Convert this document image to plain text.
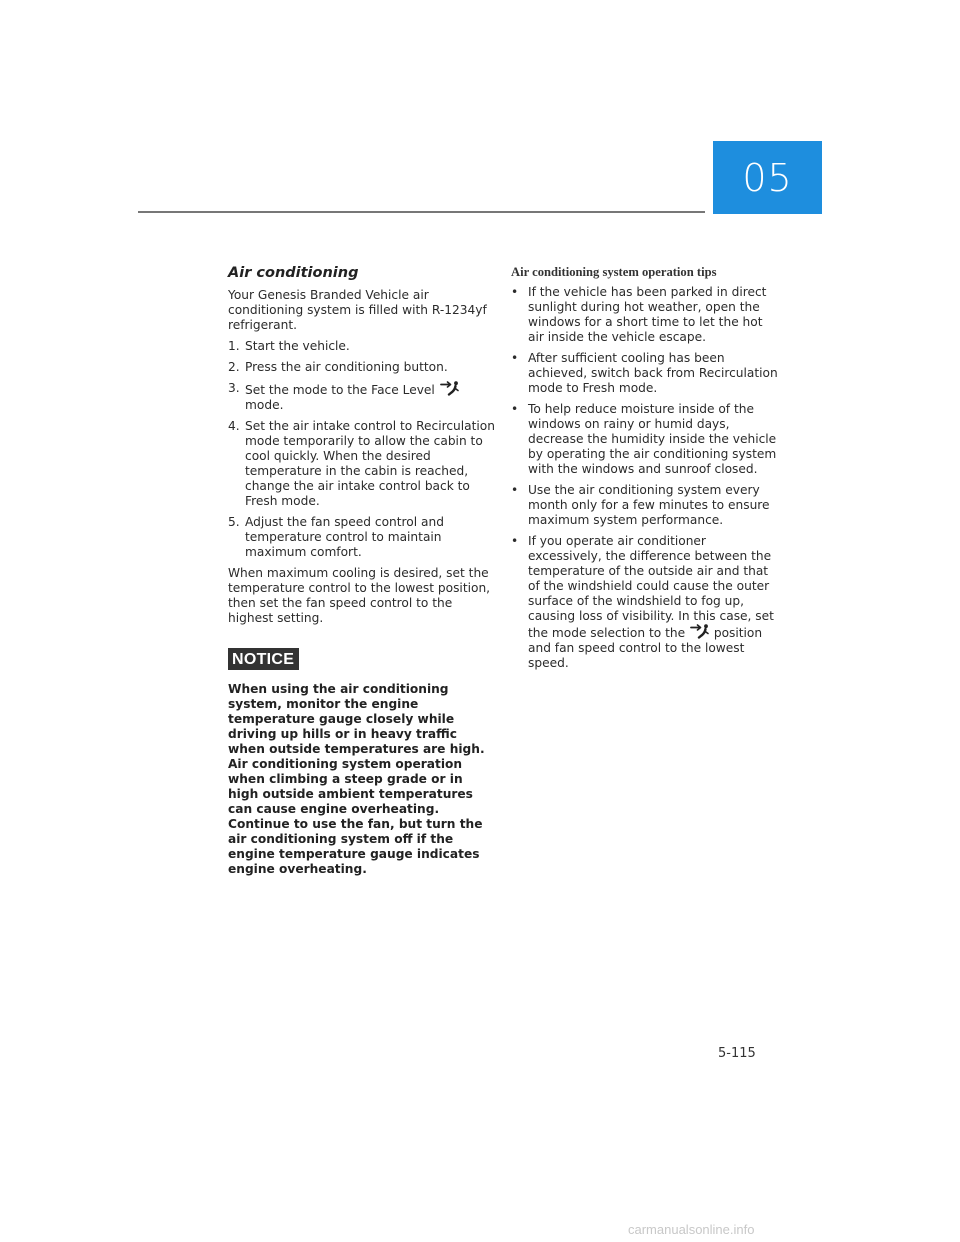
05
Air conditioning

Your Genesis Branded Vehicle air conditioning system is filled with R-1234yf refrigerant.

1. Start the vehicle.
2. Press the air conditioning button.
3. Set the mode to the Face Level
mode.
4. Set the air intake control to Recirculation mode temporarily to allow the cabin to cool quickly. When the desired temperature in the cabin is reached, change the air intake control back to Fresh mode.
5. Adjust the fan speed control and temperature control to maintain maximum comfort.

When maximum cooling is desired, set the temperature control to the lowest position, then set the fan speed control to the highest setting.

NOTICE

When using the air conditioning system, monitor the engine temperature gauge closely while driving up hills or in heavy traffic when outside temperatures are high. Air conditioning system operation when climbing a steep grade or in high outside ambient temperatures can cause engine overheating. Continue to use the fan, but turn the air conditioning system off if the engine temperature gauge indicates engine overheating.

Air conditioning system operation tips
• If the vehicle has been parked in direct sunlight during hot weather, open the windows for a short time to let the hot air inside the vehicle escape.
• After sufficient cooling has been achieved, switch back from Recirculation mode to Fresh mode.
• To help reduce moisture inside of the windows on rainy or humid days, decrease the humidity inside the vehicle by operating the air conditioning system with the windows and sunroof closed.
• Use the air conditioning system every month only for a few minutes to ensure maximum system performance.
• If you operate air conditioner excessively, the difference between the temperature of the outside air and that of the windshield could cause the outer surface of the windshield to fog up, causing loss of visibility. In this case, set the mode selection to the position and fan speed control to the lowest speed.
5-115
carmanualsonline.info
